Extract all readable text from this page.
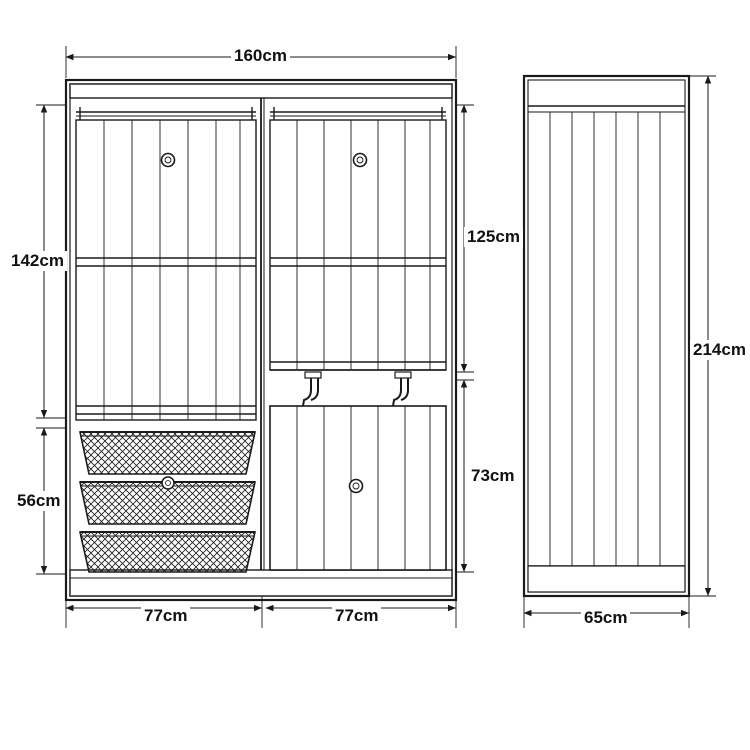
160cm
142cm
56cm
125cm
73cm
77cm	77cm
214cm
65cm
